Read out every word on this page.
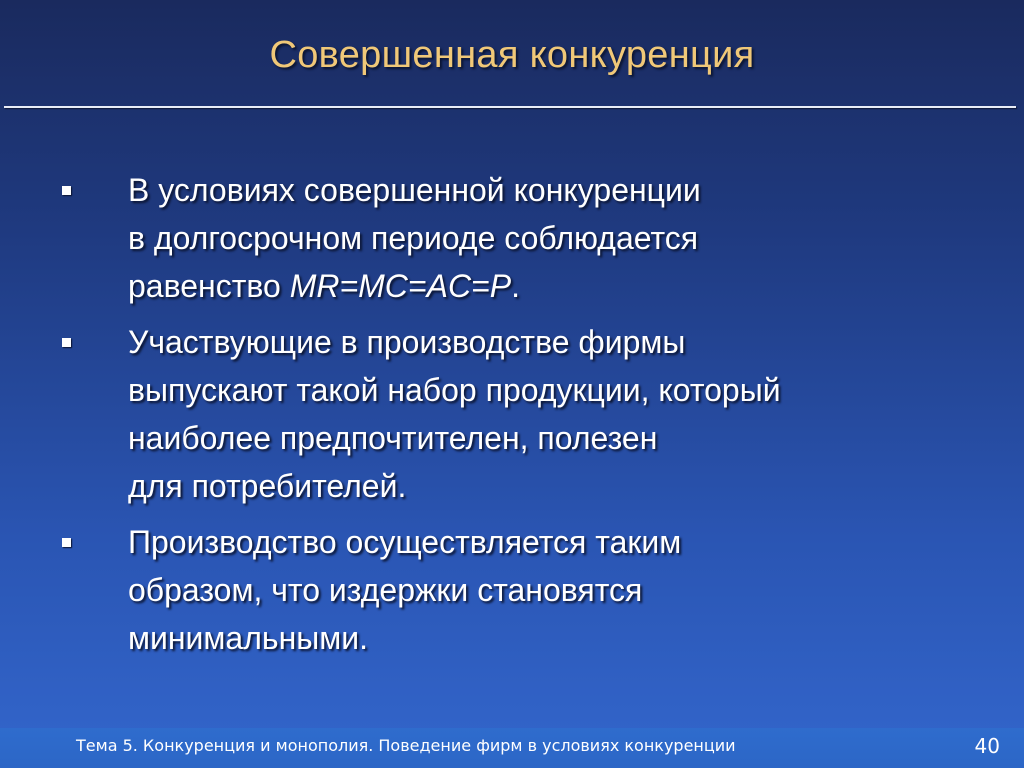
Совершенная конкуренция
В условиях совершенной конкуренции
в долгосрочном периоде соблюдается
равенство MR=MC=AC=P.
Участвующие в производстве фирмы
выпускают такой набор продукции, который
наиболее предпочтителен, полезен
для потребителей.
Производство осуществляется таким
образом, что издержки становятся
минимальными.
Тема 5. Конкуренция и монополия. Поведение фирм в условиях конкуренции	40
